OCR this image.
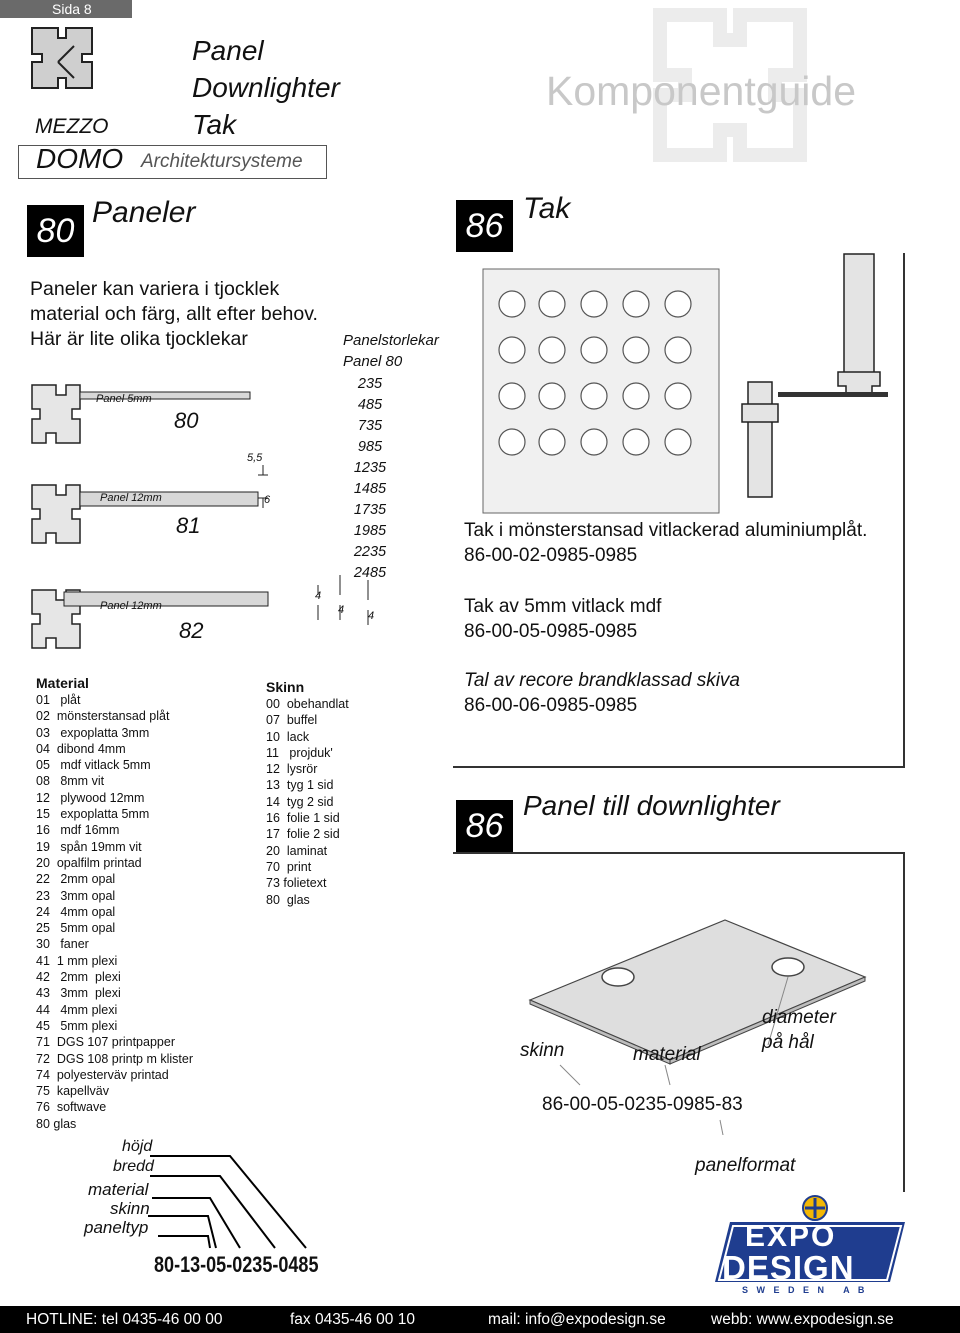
Sida 8
MEZZO
DOMO Architektursysteme
Panel
Downlighter
Tak
Komponentguide
80 Paneler
Paneler kan variera i tjocklek
material och färg, allt efter behov.
Här är lite olika tjocklekar
Panel 5mm
Panel 12mm
Panel 12mm
80
81
82
5,5
6
4
4 4
Panelstorlekar
Panel 80
235
485
735
985
1235
1485
1735
1985
2235
2485
Material
01   plåt
02  mönsterstansad plåt
03   expoplatta 3mm
04  dibond 4mm
05   mdf vitlack 5mm
08   8mm vit
12   plywood 12mm
15   expoplatta 5mm
16   mdf 16mm
19   spån 19mm vit
20  opalfilm printad
22   2mm opal
23   3mm opal
24   4mm opal
25   5mm opal
30   faner
41  1 mm plexi
42   2mm  plexi
43   3mm  plexi
44   4mm plexi
45   5mm plexi
71  DGS 107 printpapper
72  DGS 108 printp m klister
74  polyesterväv printad
75  kapellväv
76  softwave
80 glas
Skinn
00  obehandlat
07  buffel
10  lack
11   projduk'
12  lysrör
13  tyg 1 sid
14  tyg 2 sid
16  folie 1 sid
17  folie 2 sid
20  laminat
70  print
73 folietext
80  glas
höjd
bredd
material
skinn
paneltyp
80-13-05-0235-0485
86 Tak
Tak i mönsterstansad vitlackerad aluminiumplåt.
86-00-02-0985-0985
Tak av 5mm vitlack mdf
86-00-05-0985-0985
Tal av recore brandklassad skiva
86-00-06-0985-0985
86
Panel till downlighter
skinn	material
diameter
på hål
86-00-05-0235-0985-83
panelformat
EXPO
DESIGN
S W E D E N   A B
HOTLINE: tel 0435-46 00 00	fax 0435-46 00 10	mail: info@expodesign.se	webb: www.expodesign.se
